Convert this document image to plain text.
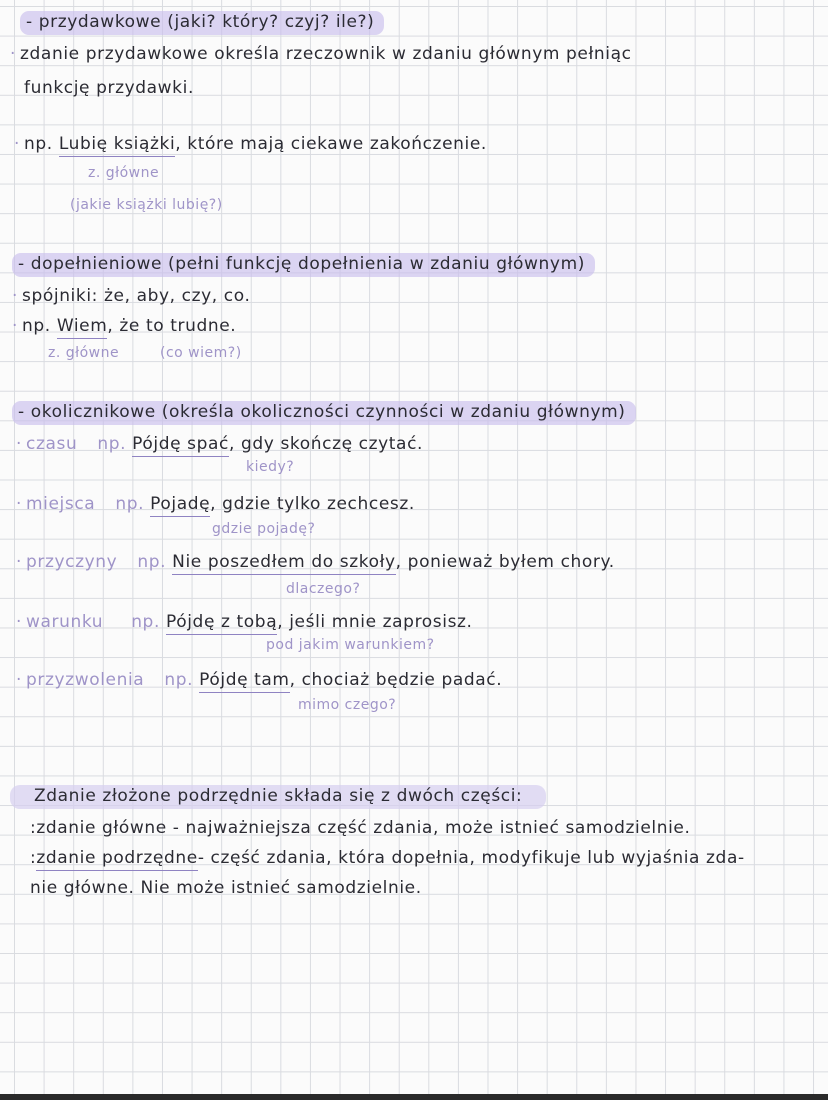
- przydawkowe (jaki? który? czyj? ile?)
· zdanie przydawkowe określa rzeczownik w zdaniu głównym pełniąc
funkcję przydawki.
· np. Lubię książki, które mają ciekawe zakończenie.
z. główne
(jakie książki lubię?)
- dopełnieniowe (pełni funkcję dopełnienia w zdaniu głównym)
· spójniki: że, aby, czy, co.
· np. Wiem, że to trudne.
z. główne	(co wiem?)
- okolicznikowe (określa okoliczności czynności w zdaniu głównym)
· czasu np. Pójdę spać, gdy skończę czytać.
kiedy?
· miejsca np. Pojadę, gdzie tylko zechcesz.
gdzie pojadę?
· przyczyny np. Nie poszedłem do szkoły, ponieważ byłem chory.
dlaczego?
· warunku np. Pójdę z tobą, jeśli mnie zaprosisz.
pod jakim warunkiem?
· przyzwolenia np. Pójdę tam, chociaż będzie padać.
mimo czego?
Zdanie złożone podrzędnie składa się z dwóch części:
:zdanie główne - najważniejsza część zdania, może istnieć samodzielnie.
:zdanie podrzędne- część zdania, która dopełnia, modyfikuje lub wyjaśnia zda-
nie główne. Nie może istnieć samodzielnie.
